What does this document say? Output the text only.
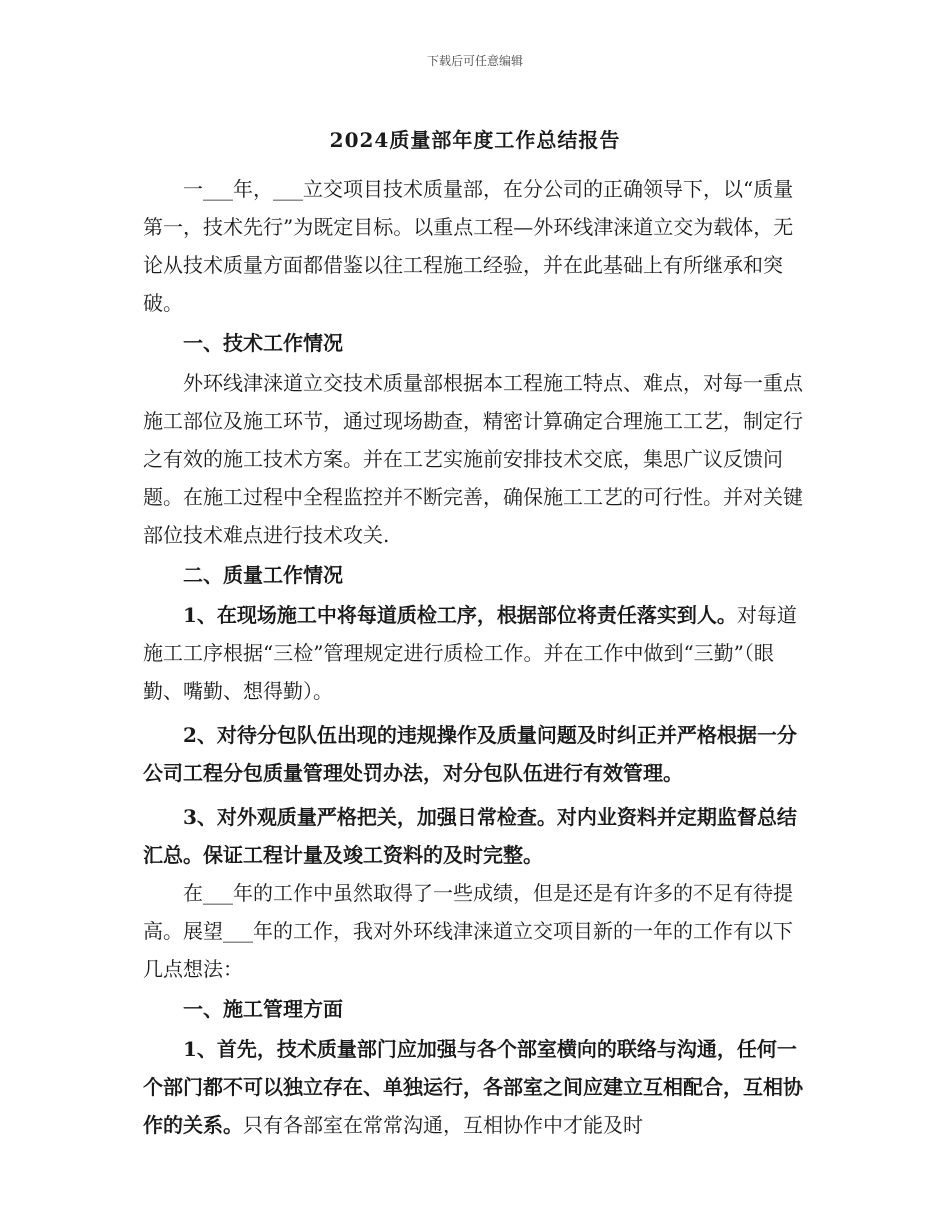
下载后可任意编辑
2024质量部年度工作总结报告

一___年，___立交项目技术质量部，在分公司的正确领导下，以“质量第一，技术先行”为既定目标。以重点工程—外环线津涞道立交为载体，无论从技术质量方面都借鉴以往工程施工经验，并在此基础上有所继承和突破。

一、技术工作情况

外环线津涞道立交技术质量部根据本工程施工特点、难点，对每一重点施工部位及施工环节，通过现场勘查，精密计算确定合理施工工艺，制定行之有效的施工技术方案。并在工艺实施前安排技术交底，集思广议反馈问题。在施工过程中全程监控并不断完善，确保施工工艺的可行性。并对关键部位技术难点进行技术攻关.

二、质量工作情况

1、在现场施工中将每道质检工序，根据部位将责任落实到人。对每道施工工序根据“三检”管理规定进行质检工作。并在工作中做到“三勤”（眼勤、嘴勤、想得勤）。

2、对待分包队伍出现的违规操作及质量问题及时纠正并严格根据一分公司工程分包质量管理处罚办法，对分包队伍进行有效管理。

3、对外观质量严格把关，加强日常检查。对内业资料并定期监督总结汇总。保证工程计量及竣工资料的及时完整。

在___年的工作中虽然取得了一些成绩，但是还是有许多的不足有待提高。展望___年的工作，我对外环线津涞道立交项目新的一年的工作有以下几点想法：

一、施工管理方面

1、首先，技术质量部门应加强与各个部室横向的联络与沟通，任何一个部门都不可以独立存在、单独运行，各部室之间应建立互相配合，互相协作的关系。只有各部室在常常沟通，互相协作中才能及时
